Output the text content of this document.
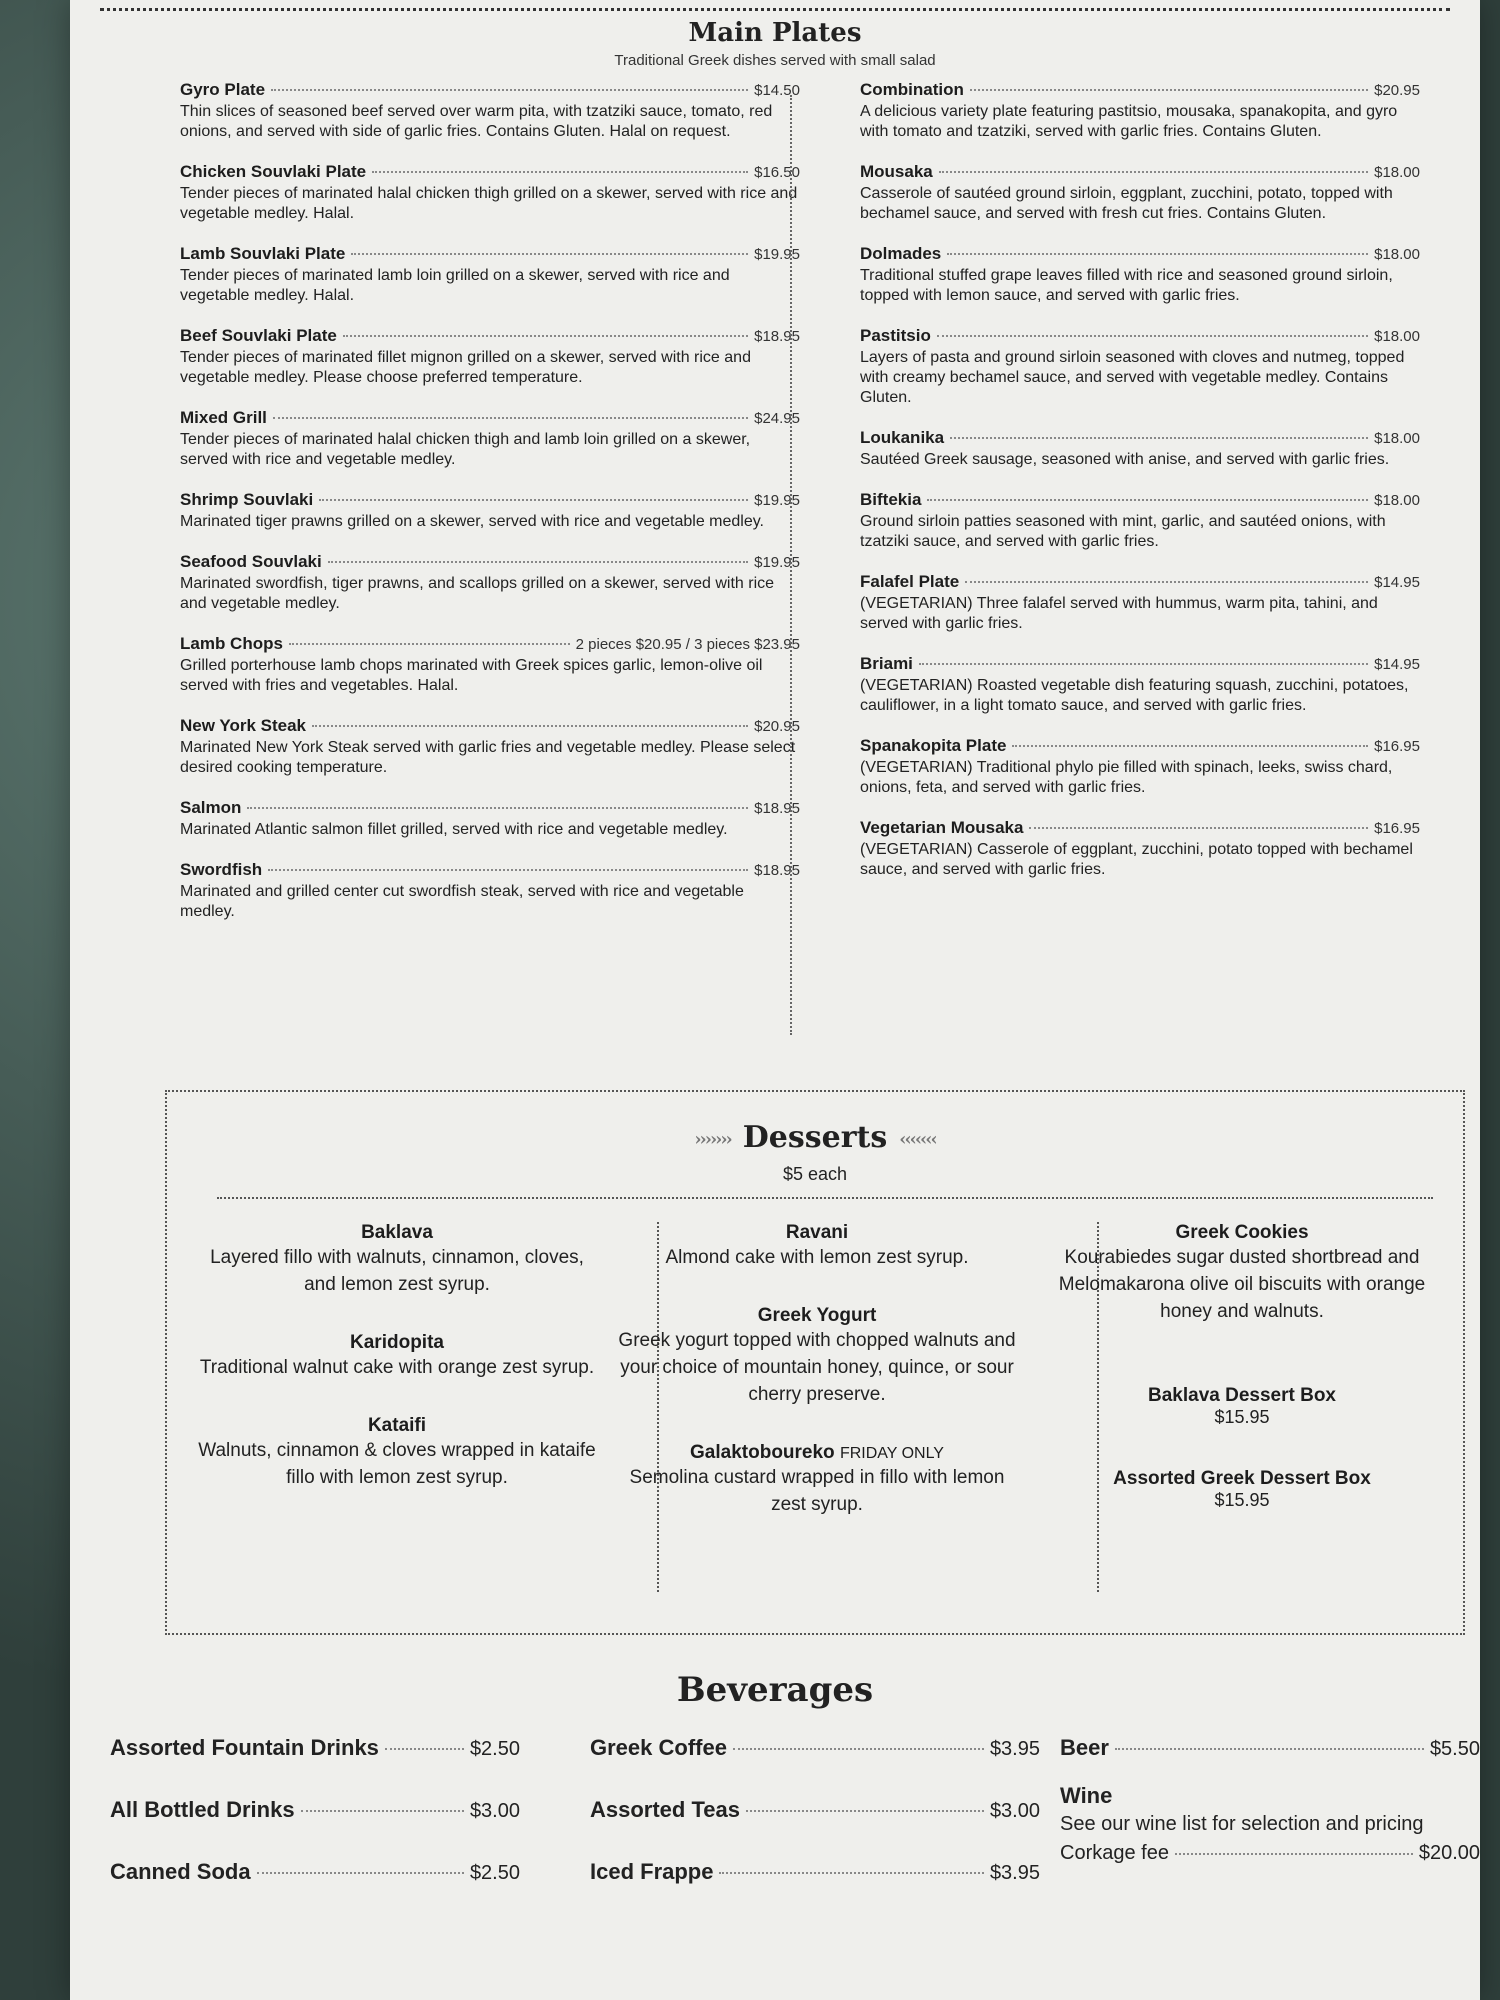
Main Plates
Traditional Greek dishes served with small salad
Gyro Plate	$14.50
Thin slices of seasoned beef served over warm pita, with tzatziki sauce, tomato, red onions, and served with side of garlic fries. Contains Gluten. Halal on request.
Chicken Souvlaki Plate	$16.50
Tender pieces of marinated halal chicken thigh grilled on a skewer, served with rice and vegetable medley. Halal.
Lamb Souvlaki Plate	$19.95
Tender pieces of marinated lamb loin grilled on a skewer, served with rice and vegetable medley. Halal.
Beef Souvlaki Plate	$18.95
Tender pieces of marinated fillet mignon grilled on a skewer, served with rice and vegetable medley. Please choose preferred temperature.
Mixed Grill	$24.95
Tender pieces of marinated halal chicken thigh and lamb loin grilled on a skewer, served with rice and vegetable medley.
Shrimp Souvlaki	$19.95
Marinated tiger prawns grilled on a skewer, served with rice and vegetable medley.
Seafood Souvlaki	$19.95
Marinated swordfish, tiger prawns, and scallops grilled on a skewer, served with rice and vegetable medley.
Lamb Chops	2 pieces $20.95 / 3 pieces $23.95
Grilled porterhouse lamb chops marinated with Greek spices garlic, lemon-olive oil served with fries and vegetables. Halal.
New York Steak	$20.95
Marinated New York Steak served with garlic fries and vegetable medley. Please select desired cooking temperature.
Salmon	$18.95
Marinated Atlantic salmon fillet grilled, served with rice and vegetable medley.
Swordfish	$18.95
Marinated and grilled center cut swordfish steak, served with rice and vegetable medley.
Combination	$20.95
A delicious variety plate featuring pastitsio, mousaka, spanakopita, and gyro with tomato and tzatziki, served with garlic fries. Contains Gluten.
Mousaka	$18.00
Casserole of sautéed ground sirloin, eggplant, zucchini, potato, topped with bechamel sauce, and served with fresh cut fries. Contains Gluten.
Dolmades	$18.00
Traditional stuffed grape leaves filled with rice and seasoned ground sirloin, topped with lemon sauce, and served with garlic fries.
Pastitsio	$18.00
Layers of pasta and ground sirloin seasoned with cloves and nutmeg, topped with creamy bechamel sauce, and served with vegetable medley. Contains Gluten.
Loukanika	$18.00
Sautéed Greek sausage, seasoned with anise, and served with garlic fries.
Biftekia	$18.00
Ground sirloin patties seasoned with mint, garlic, and sautéed onions, with tzatziki sauce, and served with garlic fries.
Falafel Plate	$14.95
(VEGETARIAN) Three falafel served with hummus, warm pita, tahini, and served with garlic fries.
Briami	$14.95
(VEGETARIAN) Roasted vegetable dish featuring squash, zucchini, potatoes, cauliflower, in a light tomato sauce, and served with garlic fries.
Spanakopita Plate	$16.95
(VEGETARIAN) Traditional phylo pie filled with spinach, leeks, swiss chard, onions, feta, and served with garlic fries.
Vegetarian Mousaka	$16.95
(VEGETARIAN) Casserole of eggplant, zucchini, potato topped with bechamel sauce, and served with garlic fries.
››››››› Desserts ‹‹‹‹‹‹‹
$5 each
Baklava
Layered fillo with walnuts, cinnamon, cloves, and lemon zest syrup.
Karidopita
Traditional walnut cake with orange zest syrup.
Kataifi
Walnuts, cinnamon & cloves wrapped in kataife fillo with lemon zest syrup.
Ravani
Almond cake with lemon zest syrup.
Greek Yogurt
Greek yogurt topped with chopped walnuts and your choice of mountain honey, quince, or sour cherry preserve.
Galaktoboureko FRIDAY ONLY
Semolina custard wrapped in fillo with lemon zest syrup.
Greek Cookies
Kourabiedes sugar dusted shortbread and Melomakarona olive oil biscuits with orange honey and walnuts.
Baklava Dessert Box
$15.95
Assorted Greek Dessert Box
$15.95
Beverages
Assorted Fountain Drinks	$2.50
All Bottled Drinks	$3.00
Canned Soda	$2.50
Greek Coffee	$3.95
Assorted Teas	$3.00
Iced Frappe	$3.95
Beer	$5.50
Wine
See our wine list for selection and pricing
Corkage fee	$20.00
